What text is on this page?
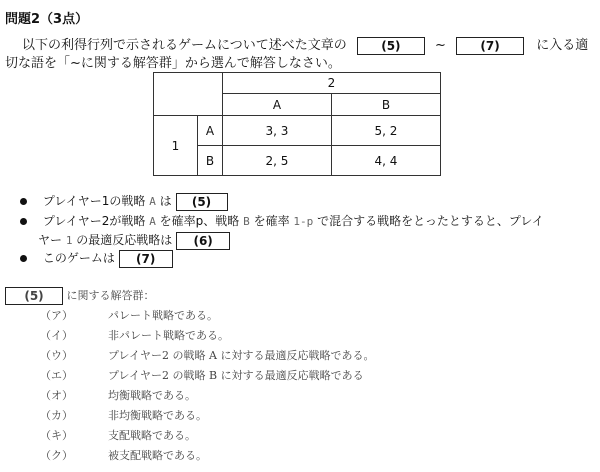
問題2（3点）
以下の利得行列で示されるゲームについて述べた文章の	(5)	~	(7)	に入る適
切な語を「~に関する解答群」から選んで解答しなさい。
		2	
		A	B
1	A	3, 3	5, 2
	B	2, 5	4, 4
プレイヤー1の戦略 A は (5)
プレイヤー2が戦略 A を確率p、戦略 B を確率 1-p で混合する戦略をとったとすると、プレイ
ヤー 1 の最適反応戦略は (6)
このゲームは (7)
(5) に関する解答群：
（ア）	パレート戦略である。
（イ）	非パレート戦略である。
（ウ）	プレイヤー2 の戦略 A に対する最適反応戦略である。
（エ）	プレイヤー2 の戦略 B に対する最適反応戦略である
（オ）	均衡戦略である。
（カ）	非均衡戦略である。
（キ）	支配戦略である。
（ク）	被支配戦略である。
